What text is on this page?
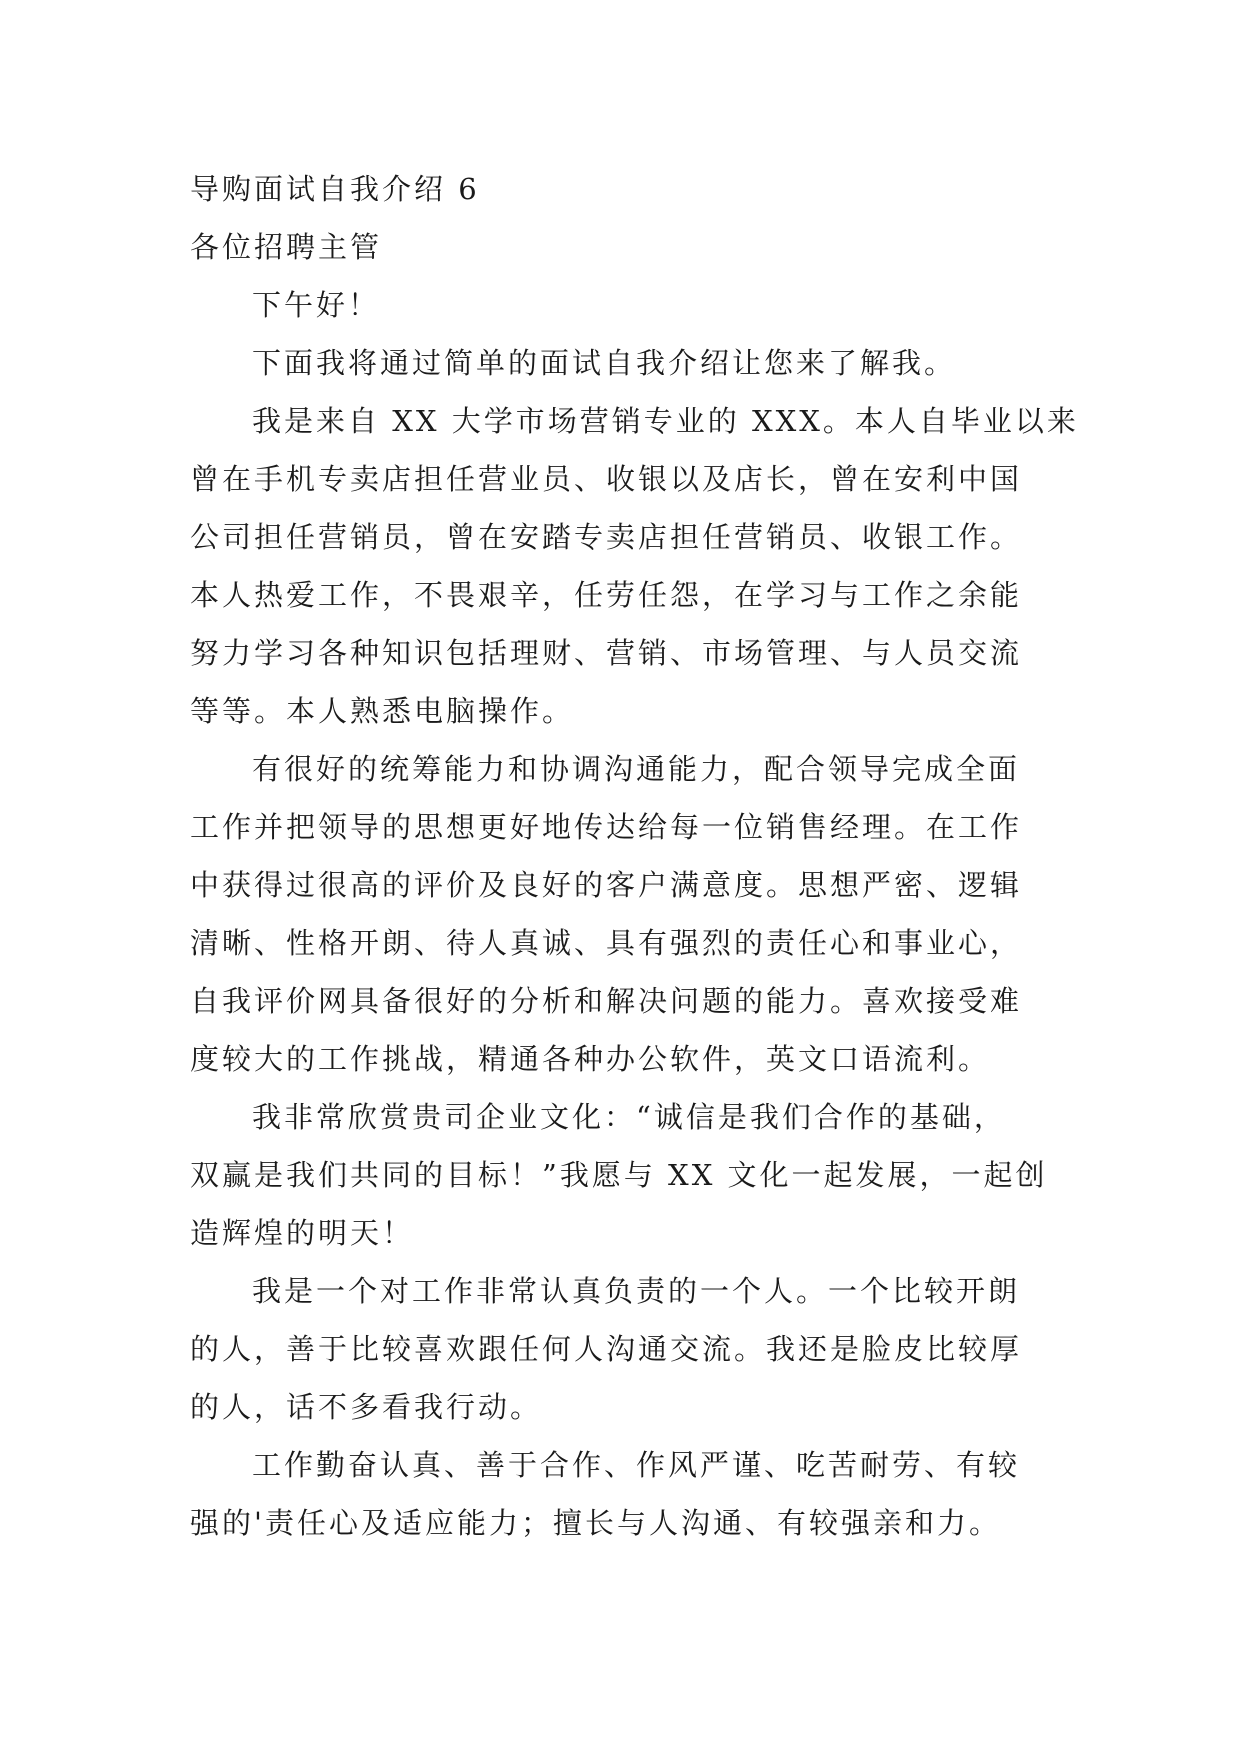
导购面试自我介绍 6
各位招聘主管
下午好！
下面我将通过简单的面试自我介绍让您来了解我。
我是来自 XX 大学市场营销专业的 XXX。本人自毕业以来
曾在手机专卖店担任营业员、收银以及店长，曾在安利中国
公司担任营销员，曾在安踏专卖店担任营销员、收银工作。
本人热爱工作，不畏艰辛，任劳任怨，在学习与工作之余能
努力学习各种知识包括理财、营销、市场管理、与人员交流
等等。本人熟悉电脑操作。
有很好的统筹能力和协调沟通能力，配合领导完成全面
工作并把领导的思想更好地传达给每一位销售经理。在工作
中获得过很高的评价及良好的客户满意度。思想严密、逻辑
清晰、性格开朗、待人真诚、具有强烈的责任心和事业心，
自我评价网具备很好的分析和解决问题的能力。喜欢接受难
度较大的工作挑战，精通各种办公软件，英文口语流利。
我非常欣赏贵司企业文化：“诚信是我们合作的基础，
双赢是我们共同的目标！”我愿与 XX 文化一起发展，一起创
造辉煌的明天！
我是一个对工作非常认真负责的一个人。一个比较开朗
的人，善于比较喜欢跟任何人沟通交流。我还是脸皮比较厚
的人，话不多看我行动。
工作勤奋认真、善于合作、作风严谨、吃苦耐劳、有较
强的'责任心及适应能力；擅长与人沟通、有较强亲和力。
